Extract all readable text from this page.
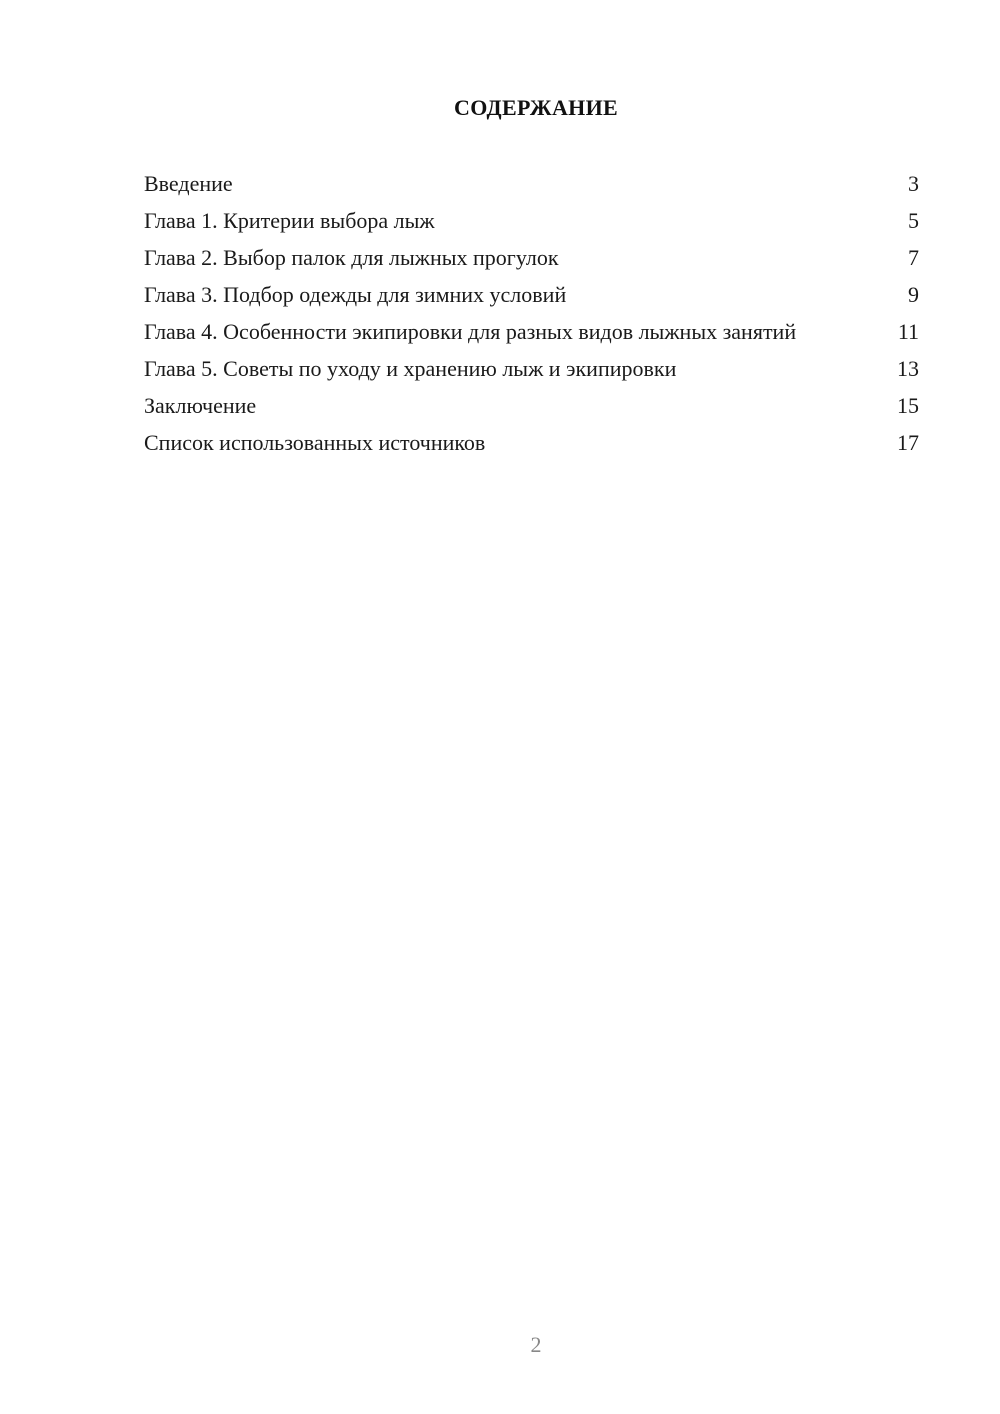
СОДЕРЖАНИЕ
Введение	3
Глава 1. Критерии выбора лыж	5
Глава 2. Выбор палок для лыжных прогулок	7
Глава 3. Подбор одежды для зимних условий	9
Глава 4. Особенности экипировки для разных видов лыжных занятий	11
Глава 5. Советы по уходу и хранению лыж и экипировки	13
Заключение	15
Список использованных источников	17
2
